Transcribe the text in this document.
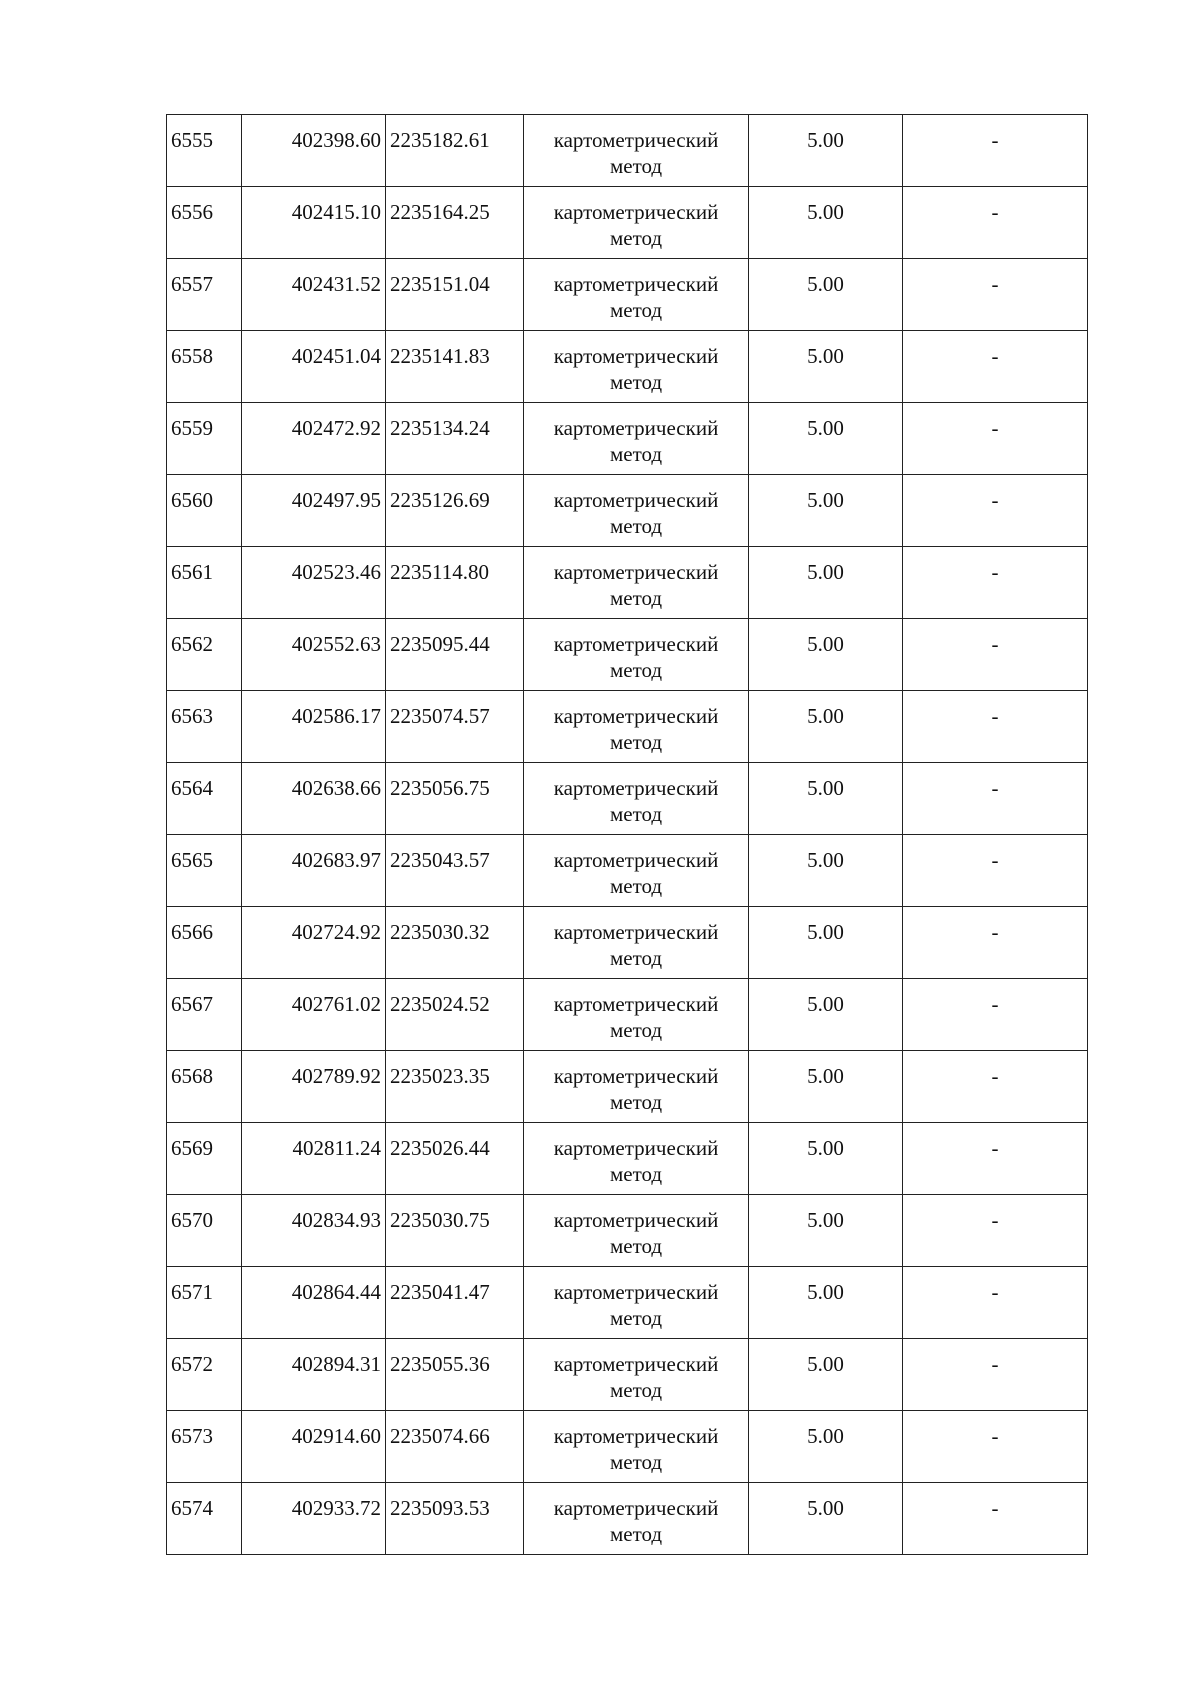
6555	402398.60	2235182.61	картометрический
метод	5.00	-
6556	402415.10	2235164.25	картометрический
метод	5.00	-
6557	402431.52	2235151.04	картометрический
метод	5.00	-
6558	402451.04	2235141.83	картометрический
метод	5.00	-
6559	402472.92	2235134.24	картометрический
метод	5.00	-
6560	402497.95	2235126.69	картометрический
метод	5.00	-
6561	402523.46	2235114.80	картометрический
метод	5.00	-
6562	402552.63	2235095.44	картометрический
метод	5.00	-
6563	402586.17	2235074.57	картометрический
метод	5.00	-
6564	402638.66	2235056.75	картометрический
метод	5.00	-
6565	402683.97	2235043.57	картометрический
метод	5.00	-
6566	402724.92	2235030.32	картометрический
метод	5.00	-
6567	402761.02	2235024.52	картометрический
метод	5.00	-
6568	402789.92	2235023.35	картометрический
метод	5.00	-
6569	402811.24	2235026.44	картометрический
метод	5.00	-
6570	402834.93	2235030.75	картометрический
метод	5.00	-
6571	402864.44	2235041.47	картометрический
метод	5.00	-
6572	402894.31	2235055.36	картометрический
метод	5.00	-
6573	402914.60	2235074.66	картометрический
метод	5.00	-
6574	402933.72	2235093.53	картометрический
метод	5.00	-
